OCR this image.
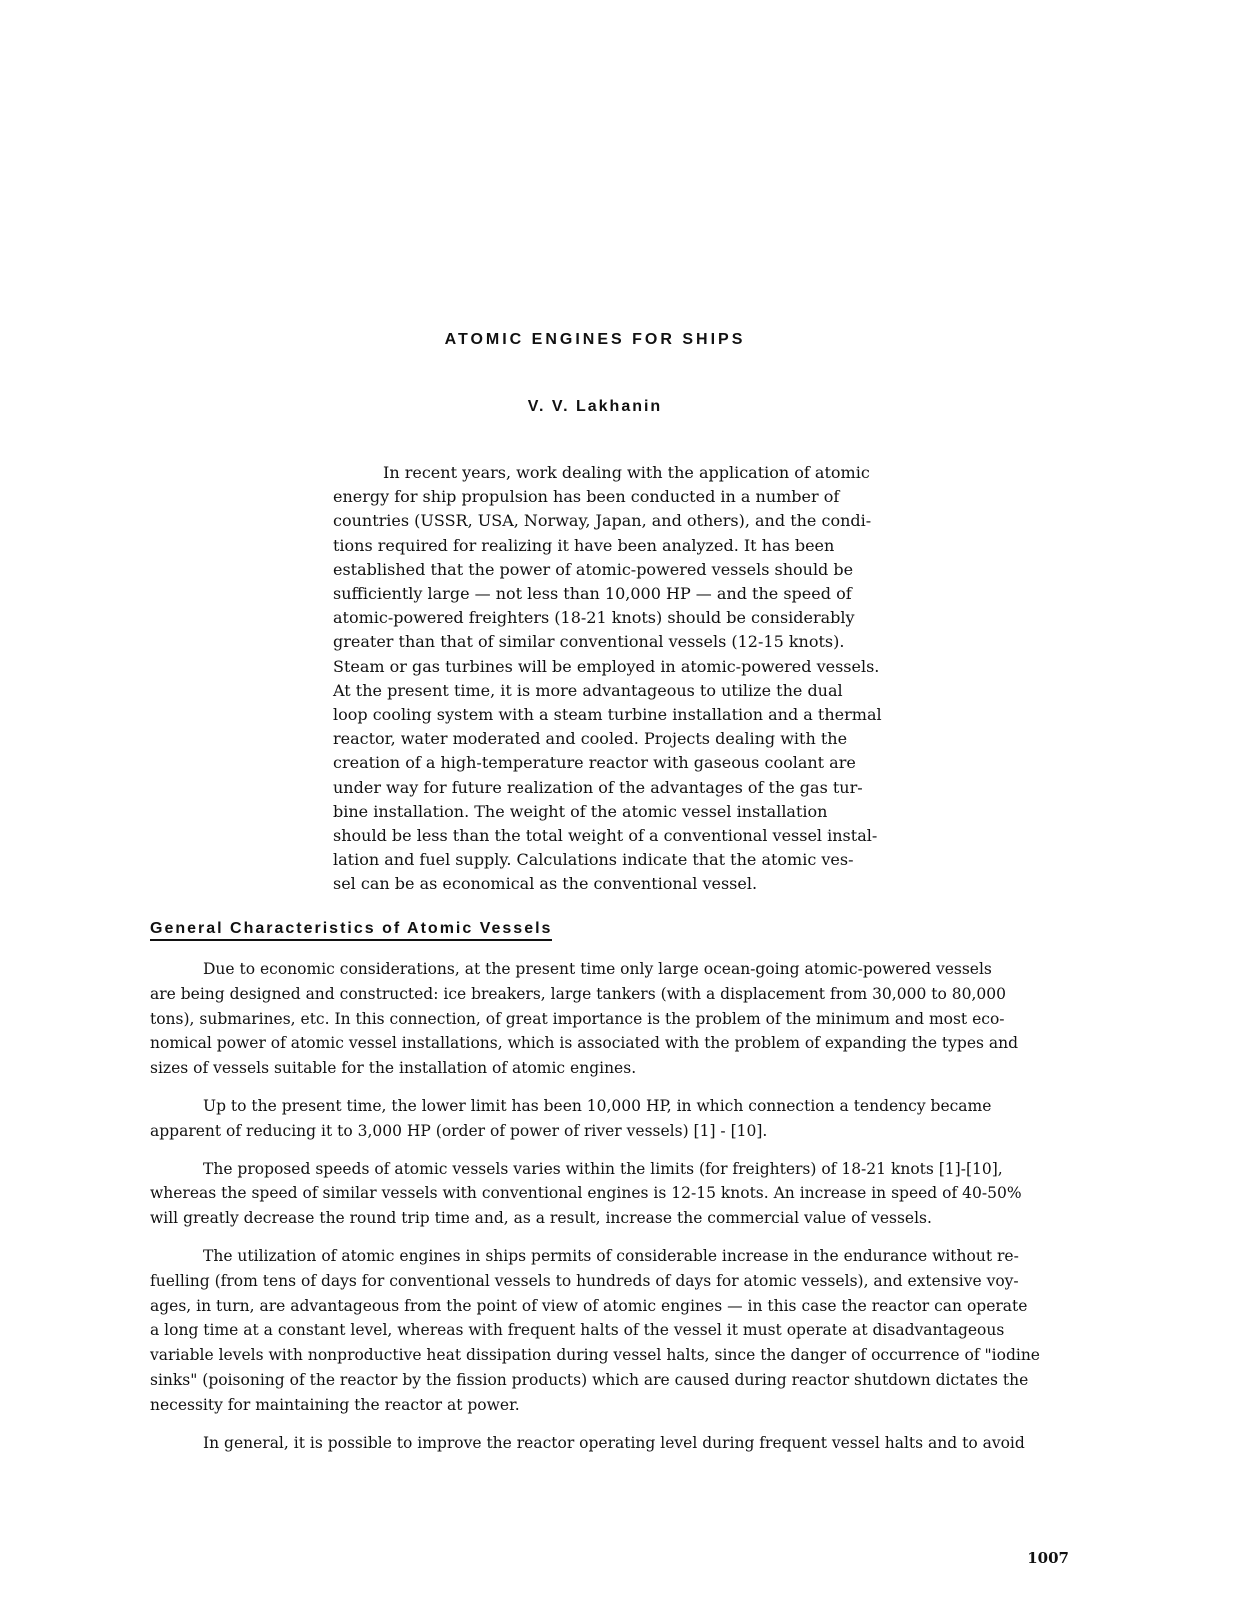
ATOMIC ENGINES FOR SHIPS
V. V. Lakhanin
In recent years, work dealing with the application of atomic
energy for ship propulsion has been conducted in a number of
countries (USSR, USA, Norway, Japan, and others), and the condi-
tions required for realizing it have been analyzed. It has been
established that the power of atomic-powered vessels should be
sufficiently large — not less than 10,000 HP — and the speed of
atomic-powered freighters (18-21 knots) should be considerably
greater than that of similar conventional vessels (12-15 knots).
Steam or gas turbines will be employed in atomic-powered vessels.
At the present time, it is more advantageous to utilize the dual
loop cooling system with a steam turbine installation and a thermal
reactor, water moderated and cooled. Projects dealing with the
creation of a high-temperature reactor with gaseous coolant are
under way for future realization of the advantages of the gas tur-
bine installation. The weight of the atomic vessel installation
should be less than the total weight of a conventional vessel instal-
lation and fuel supply. Calculations indicate that the atomic ves-
sel can be as economical as the conventional vessel.
General Characteristics of Atomic Vessels
Due to economic considerations, at the present time only large ocean-going atomic-powered vessels
are being designed and constructed: ice breakers, large tankers (with a displacement from 30,000 to 80,000
tons), submarines, etc. In this connection, of great importance is the problem of the minimum and most eco-
nomical power of atomic vessel installations, which is associated with the problem of expanding the types and
sizes of vessels suitable for the installation of atomic engines.
Up to the present time, the lower limit has been 10,000 HP, in which connection a tendency became
apparent of reducing it to 3,000 HP (order of power of river vessels) [1] - [10].
The proposed speeds of atomic vessels varies within the limits (for freighters) of 18-21 knots [1]-[10],
whereas the speed of similar vessels with conventional engines is 12-15 knots. An increase in speed of 40-50%
will greatly decrease the round trip time and, as a result, increase the commercial value of vessels.
The utilization of atomic engines in ships permits of considerable increase in the endurance without re-
fuelling (from tens of days for conventional vessels to hundreds of days for atomic vessels), and extensive voy-
ages, in turn, are advantageous from the point of view of atomic engines — in this case the reactor can operate
a long time at a constant level, whereas with frequent halts of the vessel it must operate at disadvantageous
variable levels with nonproductive heat dissipation during vessel halts, since the danger of occurrence of "iodine
sinks" (poisoning of the reactor by the fission products) which are caused during reactor shutdown dictates the
necessity for maintaining the reactor at power.
In general, it is possible to improve the reactor operating level during frequent vessel halts and to avoid
1007
